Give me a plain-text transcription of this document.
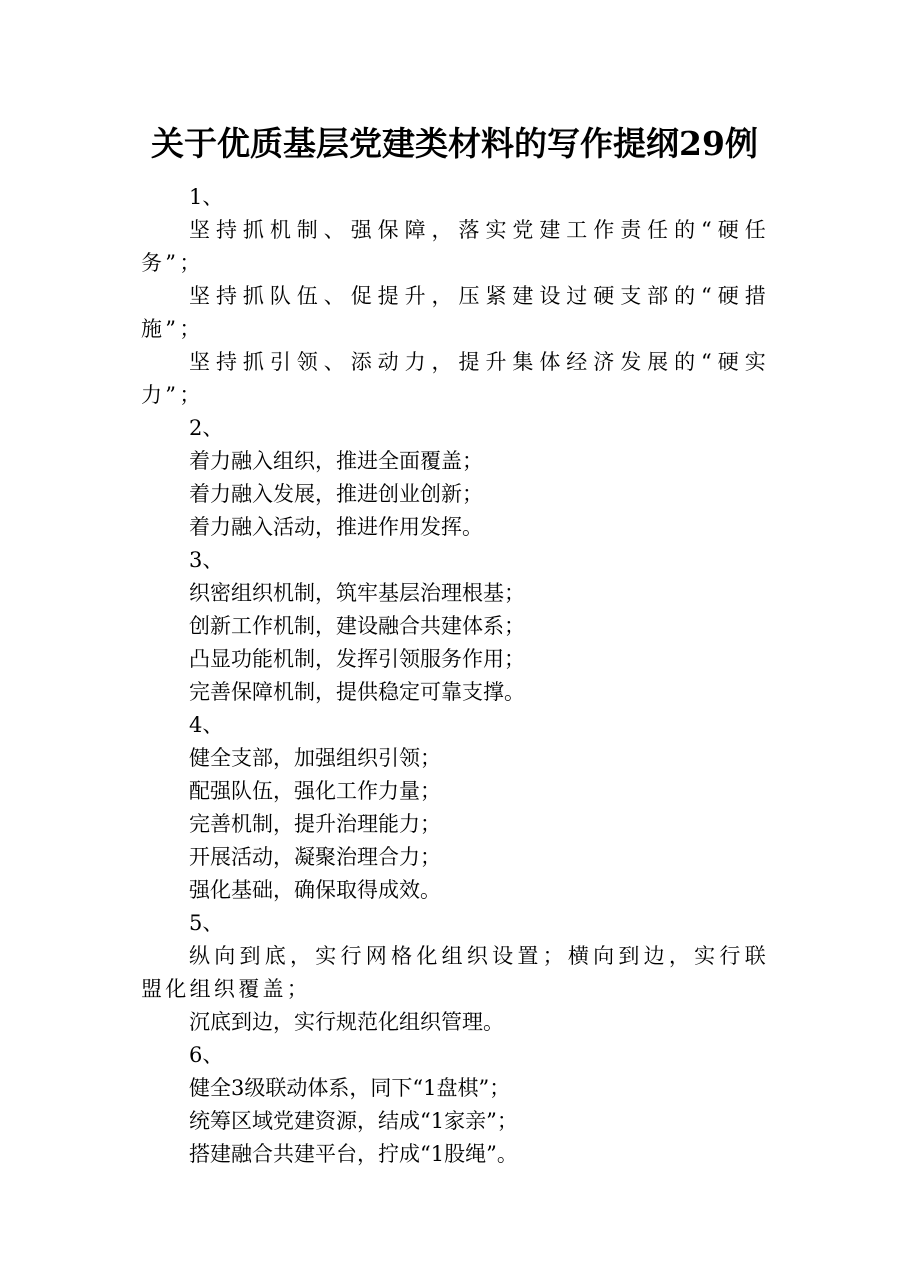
关于优质基层党建类材料的写作提纲29例

1、

坚持抓机制、强保障，落实党建工作责任的“硬任务”；

坚持抓队伍、促提升，压紧建设过硬支部的“硬措施”；

坚持抓引领、添动力，提升集体经济发展的“硬实力”；

2、

着力融入组织，推进全面覆盖；

着力融入发展，推进创业创新；

着力融入活动，推进作用发挥。

3、

织密组织机制，筑牢基层治理根基；

创新工作机制，建设融合共建体系；

凸显功能机制，发挥引领服务作用；

完善保障机制，提供稳定可靠支撑。

4、

健全支部，加强组织引领；

配强队伍，强化工作力量；

完善机制，提升治理能力；

开展活动，凝聚治理合力；

强化基础，确保取得成效。

5、

纵向到底，实行网格化组织设置；横向到边，实行联盟化组织覆盖；

沉底到边，实行规范化组织管理。

6、

健全3级联动体系，同下“1盘棋”；

统筹区域党建资源，结成“1家亲”；

搭建融合共建平台，拧成“1股绳”。
